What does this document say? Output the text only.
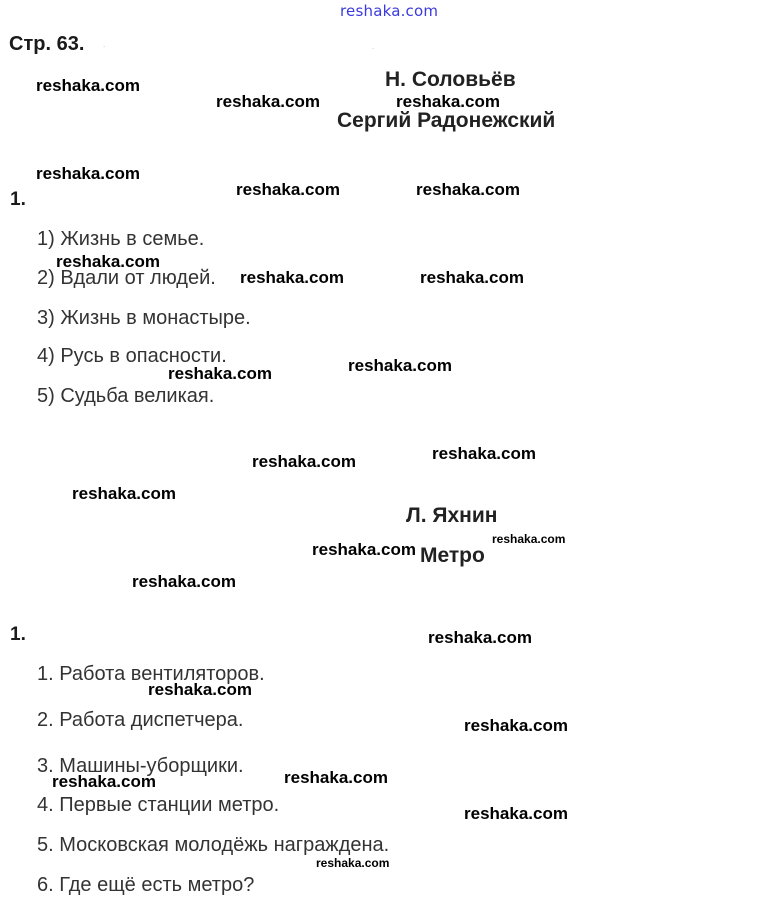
reshaka.com
Стр. 63. .	.
Н. Соловьёв
Сергий Радонежский
1.
1) Жизнь в семье.
2) Вдали от людей.
3) Жизнь в монастыре.
4) Русь в опасности.
5) Судьба великая.
Л. Яхнин
Метро
1.
1. Работа вентиляторов.
2. Работа диспетчера.
3. Машины-уборщики.
4. Первые станции метро.
5. Московская молодёжь награждена.
6. Где ещё есть метро?
reshaka.com
reshaka.com	reshaka.com
reshaka.com
reshaka.com	reshaka.com
reshaka.com
reshaka.com	reshaka.com
reshaka.com
reshaka.com
reshaka.com
reshaka.com
reshaka.com
reshaka.com
reshaka.com
reshaka.com
reshaka.com
reshaka.com
reshaka.com
reshaka.com
reshaka.com
reshaka.com
reshaka.com
